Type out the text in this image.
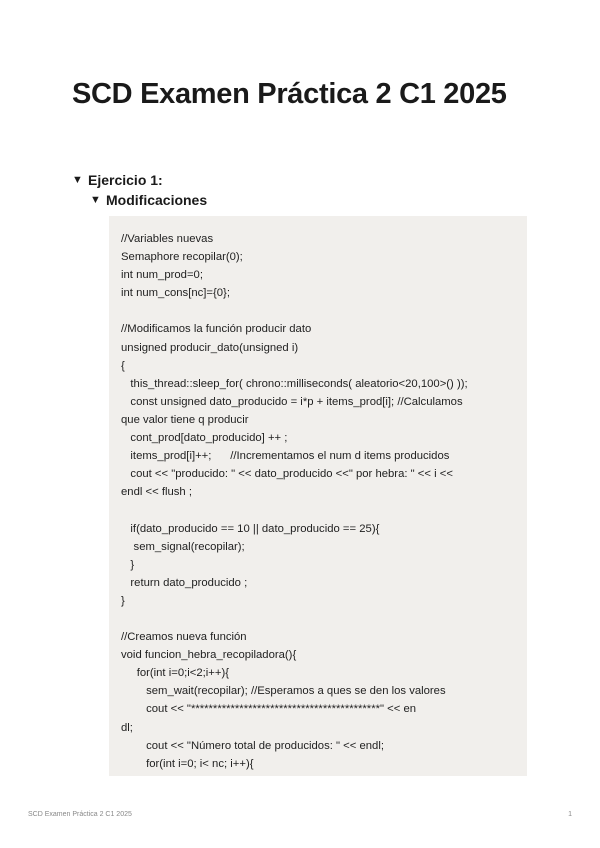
SCD Examen Práctica 2 C1 2025
▼ Ejercicio 1:
▼ Modificaciones
//Variables nuevas
Semaphore recopilar(0);
int num_prod=0;
int num_cons[nc]={0};
//Modificamos la función producir dato
unsigned producir_dato(unsigned i)
{
this_thread::sleep_for( chrono::milliseconds( aleatorio<20,100>() ));
const unsigned dato_producido = i*p + items_prod[i]; //Calculamos
que valor tiene q producir
cont_prod[dato_producido] ++ ;
items_prod[i]++;      //Incrementamos el num d items producidos
cout << "producido: " << dato_producido <<" por hebra: " << i <<
endl << flush ;
if(dato_producido == 10 || dato_producido == 25){
sem_signal(recopilar);
}
return dato_producido ;
}
//Creamos nueva función
void funcion_hebra_recopiladora(){
for(int i=0;i<2;i++){
sem_wait(recopilar); //Esperamos a ques se den los valores
cout << "*******************************************" << en
dl;
cout << "Número total de producidos: " << endl;
for(int i=0; i< nc; i++){
SCD Examen Práctica 2 C1 2025	1
